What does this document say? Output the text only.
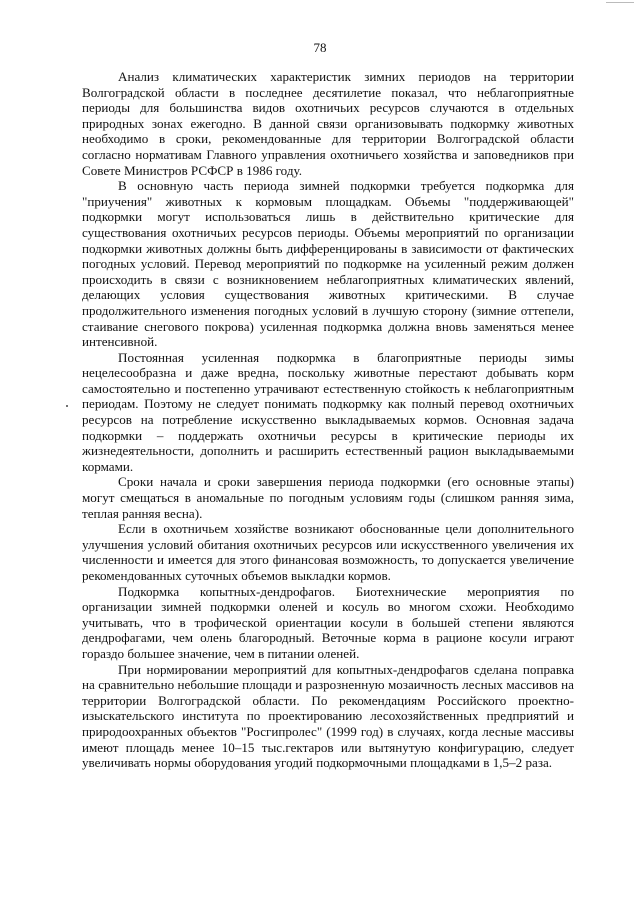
78

Анализ климатических характеристик зимних периодов на территории Волгоградской области в последнее десятилетие показал, что неблагоприятные периоды для большинства видов охотничьих ресурсов случаются в отдельных природных зонах ежегодно. В данной связи организовывать подкормку животных необходимо в сроки, рекомендованные для территории Волгоградской области согласно нормативам Главного управления охотничьего хозяйства и заповедников при Совете Министров РСФСР в 1986 году.

В основную часть периода зимней подкормки требуется подкормка для "приучения" животных к кормовым площадкам. Объемы "поддерживающей" подкормки могут использоваться лишь в действительно критические для существования охотничьих ресурсов периоды. Объемы мероприятий по организации подкормки животных должны быть дифференцированы в зависимости от фактических погодных условий. Перевод мероприятий по подкормке на усиленный режим должен происходить в связи с возникновением неблагоприятных климатических явлений, делающих условия существования животных критическими. В случае продолжительного изменения погодных условий в лучшую сторону (зимние оттепели, стаивание снегового покрова) усиленная подкормка должна вновь заменяться менее интенсивной.

Постоянная усиленная подкормка в благоприятные периоды зимы нецелесообразна и даже вредна, поскольку животные перестают добывать корм самостоятельно и постепенно утрачивают естественную стойкость к неблагоприятным периодам. Поэтому не следует понимать подкормку как полный перевод охотничьих ресурсов на потребление искусственно выкладываемых кормов. Основная задача подкормки – поддержать охотничьи ресурсы в критические периоды их жизнедеятельности, дополнить и расширить естественный рацион выкладываемыми кормами.

Сроки начала и сроки завершения периода подкормки (его основные этапы) могут смещаться в аномальные по погодным условиям годы (слишком ранняя зима, теплая ранняя весна).

Если в охотничьем хозяйстве возникают обоснованные цели дополнительного улучшения условий обитания охотничьих ресурсов или искусственного увеличения их численности и имеется для этого финансовая возможность, то допускается увеличение рекомендованных суточных объемов выкладки кормов.

Подкормка копытных-дендрофагов. Биотехнические мероприятия по организации зимней подкормки оленей и косуль во многом схожи. Необходимо учитывать, что в трофической ориентации косули в большей степени являются дендрофагами, чем олень благородный. Веточные корма в рационе косули играют гораздо большее значение, чем в питании оленей.

При нормировании мероприятий для копытных-дендрофагов сделана поправка на сравнительно небольшие площади и разрозненную мозаичность лесных массивов на территории Волгоградской области. По рекомендациям Российского проектно-изыскательского института по проектированию лесохозяйственных предприятий и природоохранных объектов "Росгипролес" (1999 год) в случаях, когда лесные массивы имеют площадь менее 10–15 тыс.гектаров или вытянутую конфигурацию, следует увеличивать нормы оборудования угодий подкормочными площадками в 1,5–2 раза.
